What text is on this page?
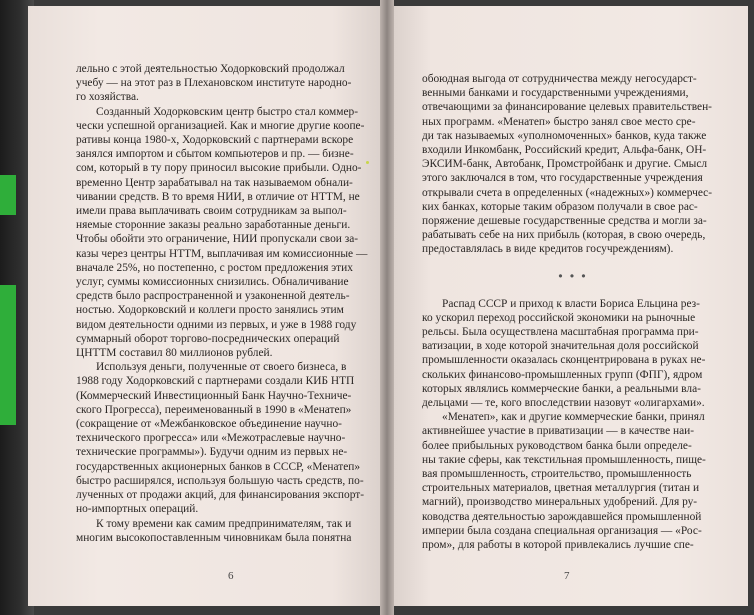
лельно с этой деятельностью Ходорковский продолжал
учебу — на этот раз в Плехановском институте народно-
го хозяйства.
Созданный Ходорковским центр быстро стал коммер-
чески успешной организацией. Как и многие другие коопе-
ративы конца 1980-х, Ходорковский с партнерами вскоре
занялся импортом и сбытом компьютеров и пр. — бизне-
сом, который в ту пору приносил высокие прибыли. Одно-
временно Центр зарабатывал на так называемом обнали-
чивании средств. В то время НИИ, в отличие от НТТМ, не
имели права выплачивать своим сотрудникам за выпол-
няемые сторонние заказы реально заработанные деньги.
Чтобы обойти это ограничение, НИИ пропускали свои за-
казы через центры НТТМ, выплачивая им комиссионные —
вначале 25%, но постепенно, с ростом предложения этих
услуг, суммы комиссионных снизились. Обналичивание
средств было распространенной и узаконенной деятель-
ностью. Ходорковский и коллеги просто занялись этим
видом деятельности одними из первых, и уже в 1988 году
суммарный оборот торгово-посреднических операций
ЦНТТМ составил 80 миллионов рублей.
Используя деньги, полученные от своего бизнеса, в
1988 году Ходорковский с партнерами создали КИБ НТП
(Коммерческий Инвестиционный Банк Научно-Техниче-
ского Прогресса), переименованный в 1990 в «Менатеп»
(сокращение от «Межбанковское объединение научно-
технического прогресса» или «Межотраслевые научно-
технические программы»). Будучи одним из первых не-
государственных акционерных банков в СССР, «Менатеп»
быстро расширялся, используя большую часть средств, по-
лученных от продажи акций, для финансирования экспорт-
но-импортных операций.
К тому времени как самим предпринимателям, так и
многим высокопоставленным чиновникам была понятна
6
обоюдная выгода от сотрудничества между негосударст-
венными банками и государственными учреждениями,
отвечающими за финансирование целевых правительствен-
ных программ. «Менатеп» быстро занял свое место сре-
ди так называемых «уполномоченных» банков, куда также
входили Инкомбанк, Российский кредит, Альфа-банк, ОН-
ЭКСИМ-банк, Автобанк, Промстройбанк и другие. Смысл
этого заключался в том, что государственные учреждения
открывали счета в определенных («надежных») коммерчес-
ких банках, которые таким образом получали в свое рас-
поряжение дешевые государственные средства и могли за-
рабатывать себе на них прибыль (которая, в свою очередь,
предоставлялась в виде кредитов госучреждениям).
• • •
Распад СССР и приход к власти Бориса Ельцина рез-
ко ускорил переход российской экономики на рыночные
рельсы. Была осуществлена масштабная программа при-
ватизации, в ходе которой значительная доля российской
промышленности оказалась сконцентрирована в руках не-
скольких финансово-промышленных групп (ФПГ), ядром
которых являлись коммерческие банки, а реальными вла-
дельцами — те, кого впоследствии назовут «олигархами».
«Менатеп», как и другие коммерческие банки, принял
активнейшее участие в приватизации — в качестве наи-
более прибыльных руководством банка были определе-
ны такие сферы, как текстильная промышленность, пище-
вая промышленность, строительство, промышленность
строительных материалов, цветная металлургия (титан и
магний), производство минеральных удобрений. Для ру-
ководства деятельностью зарождавшейся промышленной
империи была создана специальная организация — «Рос-
пром», для работы в которой привлекались лучшие спе-
7
